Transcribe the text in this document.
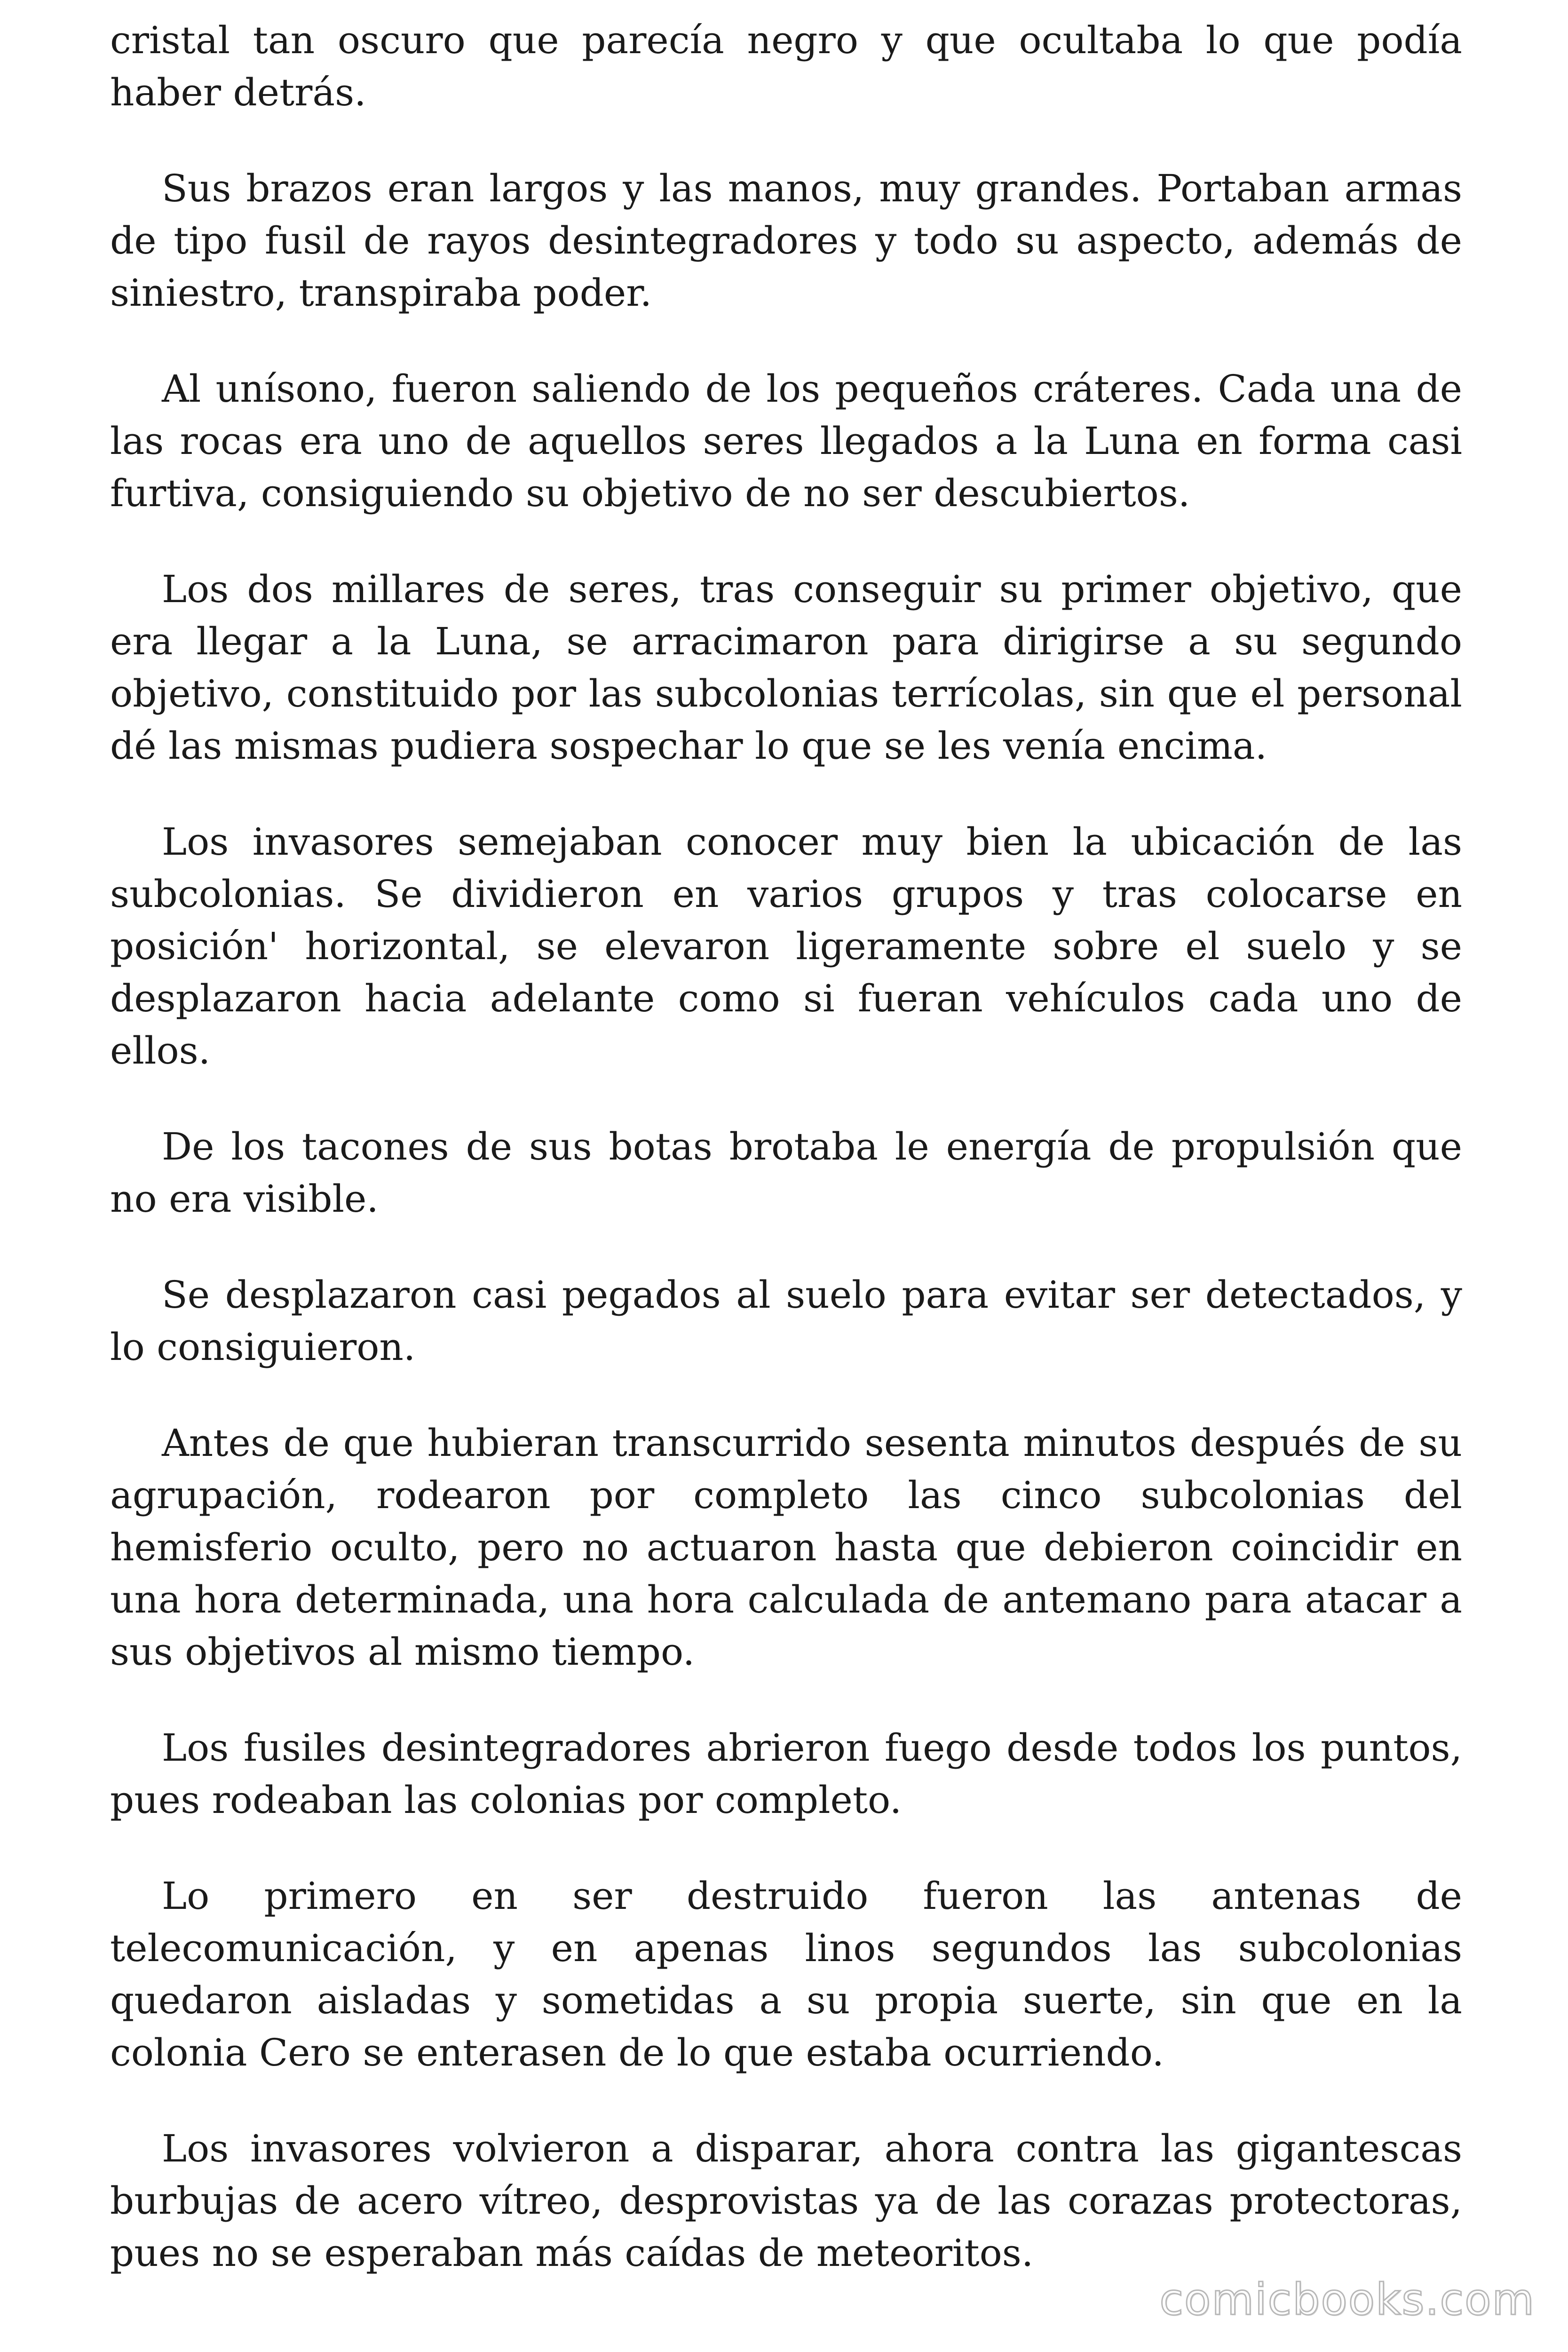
cristal tan oscuro que parecía negro y que ocultaba lo que podía haber detrás.

Sus brazos eran largos y las manos, muy grandes. Portaban armas de tipo fusil de rayos desintegradores y todo su aspecto, además de siniestro, transpiraba poder.

Al unísono, fueron saliendo de los pequeños cráteres. Cada una de las rocas era uno de aquellos seres llegados a la Luna en forma casi furtiva, consiguiendo su objetivo de no ser descubiertos.

Los dos millares de seres, tras conseguir su primer objetivo, que era llegar a la Luna, se arracimaron para dirigirse a su segundo objetivo, constituido por las subcolonias terrícolas, sin que el personal dé las mismas pudiera sospechar lo que se les venía encima.

Los invasores semejaban conocer muy bien la ubicación de las subcolonias. Se dividieron en varios grupos y tras colocarse en posición' horizontal, se elevaron ligeramente sobre el suelo y se desplazaron hacia adelante como si fueran vehículos cada uno de ellos.

De los tacones de sus botas brotaba le energía de propulsión que no era visible.

Se desplazaron casi pegados al suelo para evitar ser detectados, y lo consiguieron.

Antes de que hubieran transcurrido sesenta minutos después de su agrupación, rodearon por completo las cinco subcolonias del hemisferio oculto, pero no actuaron hasta que debieron coincidir en una hora determinada, una hora calculada de antemano para atacar a sus objetivos al mismo tiempo.

Los fusiles desintegradores abrieron fuego desde todos los puntos, pues rodeaban las colonias por completo.

Lo primero en ser destruido fueron las antenas de telecomunicación, y en apenas linos segundos las subcolonias quedaron aisladas y sometidas a su propia suerte, sin que en la colonia Cero se enterasen de lo que estaba ocurriendo.

Los invasores volvieron a disparar, ahora contra las gigantescas burbujas de acero vítreo, desprovistas ya de las corazas protectoras, pues no se esperaban más caídas de meteoritos.

comicbooks.com
